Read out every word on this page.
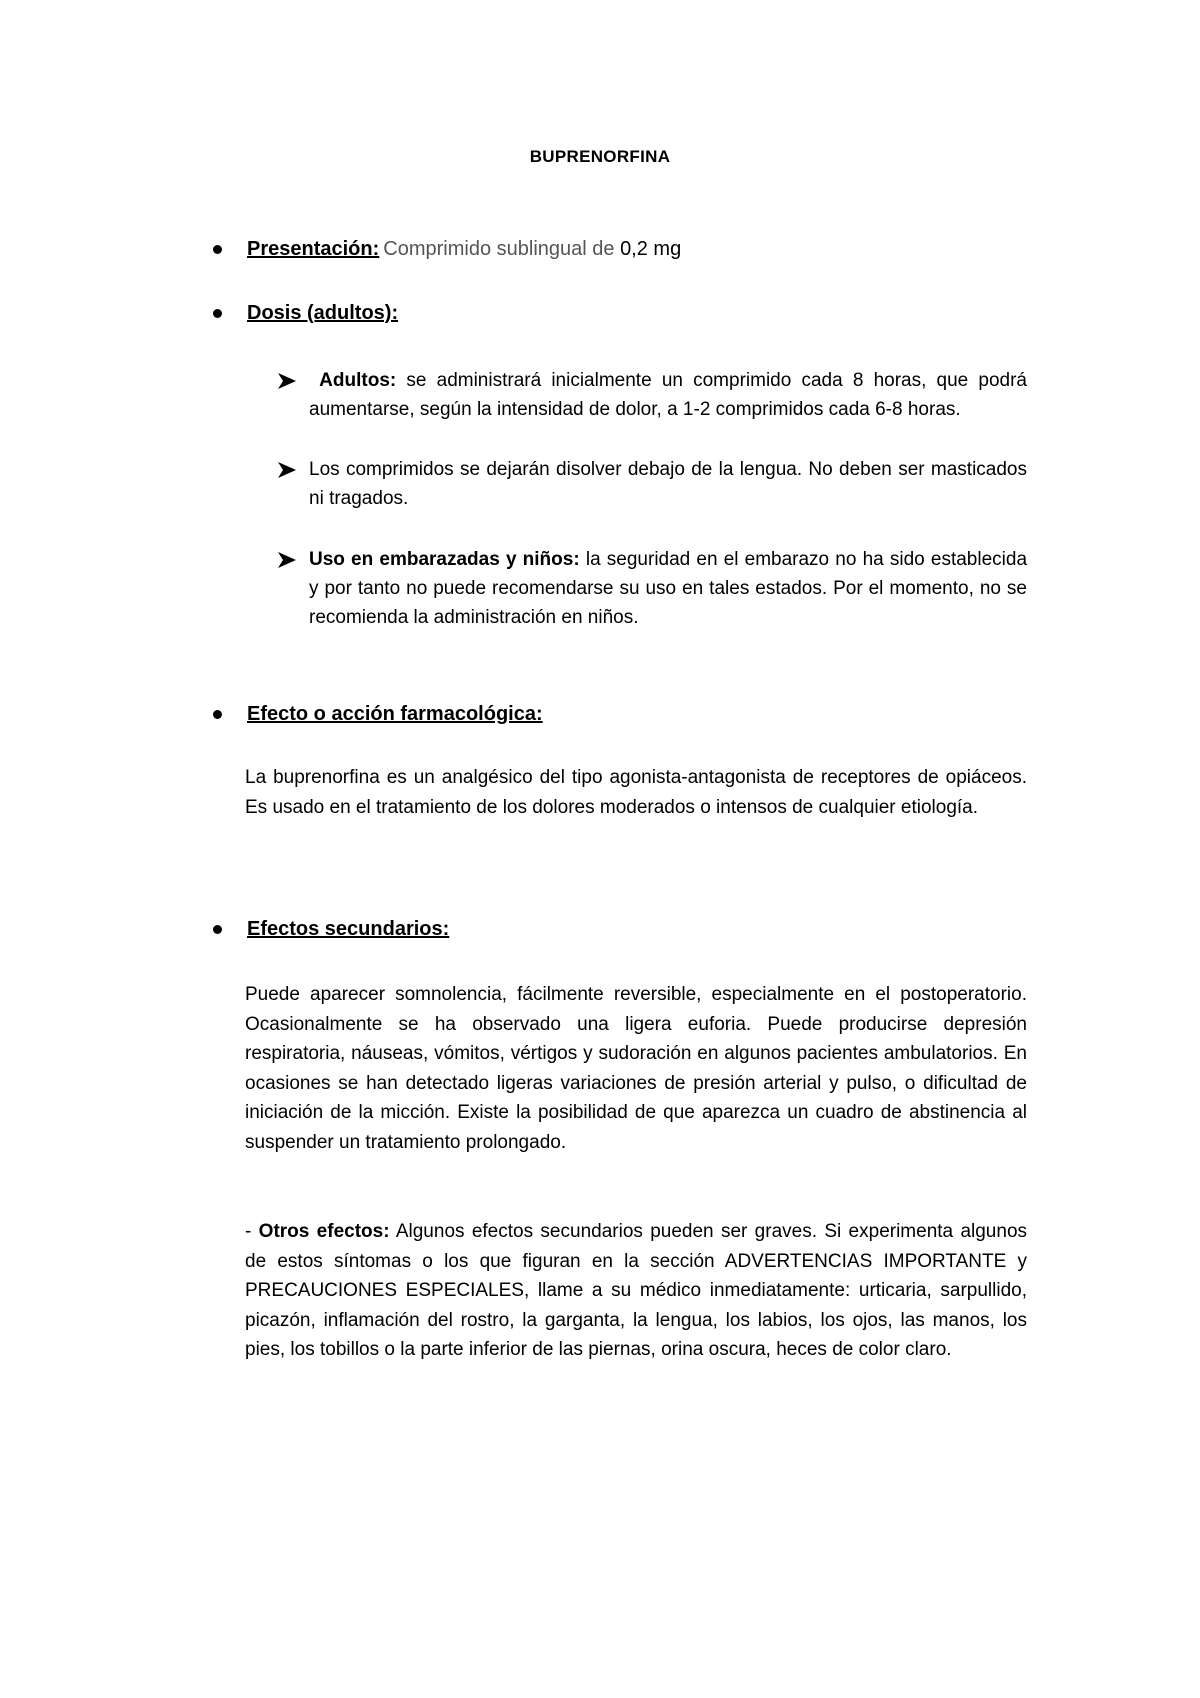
BUPRENORFINA
Presentación: Comprimido sublingual de 0,2 mg
Dosis (adultos):
Adultos: se administrará inicialmente un comprimido cada 8 horas, que podrá aumentarse, según la intensidad de dolor, a 1-2 comprimidos cada 6-8 horas.
Los comprimidos se dejarán disolver debajo de la lengua. No deben ser masticados ni tragados.
Uso en embarazadas y niños: la seguridad en el embarazo no ha sido establecida y por tanto no puede recomendarse su uso en tales estados. Por el momento, no se recomienda la administración en niños.
Efecto o acción farmacológica:
La buprenorfina es un analgésico del tipo agonista-antagonista de receptores de opiáceos. Es usado en el tratamiento de los dolores moderados o intensos de cualquier etiología.
Efectos secundarios:
Puede aparecer somnolencia, fácilmente reversible, especialmente en el postoperatorio. Ocasionalmente se ha observado una ligera euforia. Puede producirse depresión respiratoria, náuseas, vómitos, vértigos y sudoración en algunos pacientes ambulatorios. En ocasiones se han detectado ligeras variaciones de presión arterial y pulso, o dificultad de iniciación de la micción. Existe la posibilidad de que aparezca un cuadro de abstinencia al suspender un tratamiento prolongado.
- Otros efectos: Algunos efectos secundarios pueden ser graves. Si experimenta algunos de estos síntomas o los que figuran en la sección ADVERTENCIAS IMPORTANTE y PRECAUCIONES ESPECIALES, llame a su médico inmediatamente: urticaria, sarpullido, picazón, inflamación del rostro, la garganta, la lengua, los labios, los ojos, las manos, los pies, los tobillos o la parte inferior de las piernas, orina oscura, heces de color claro.
